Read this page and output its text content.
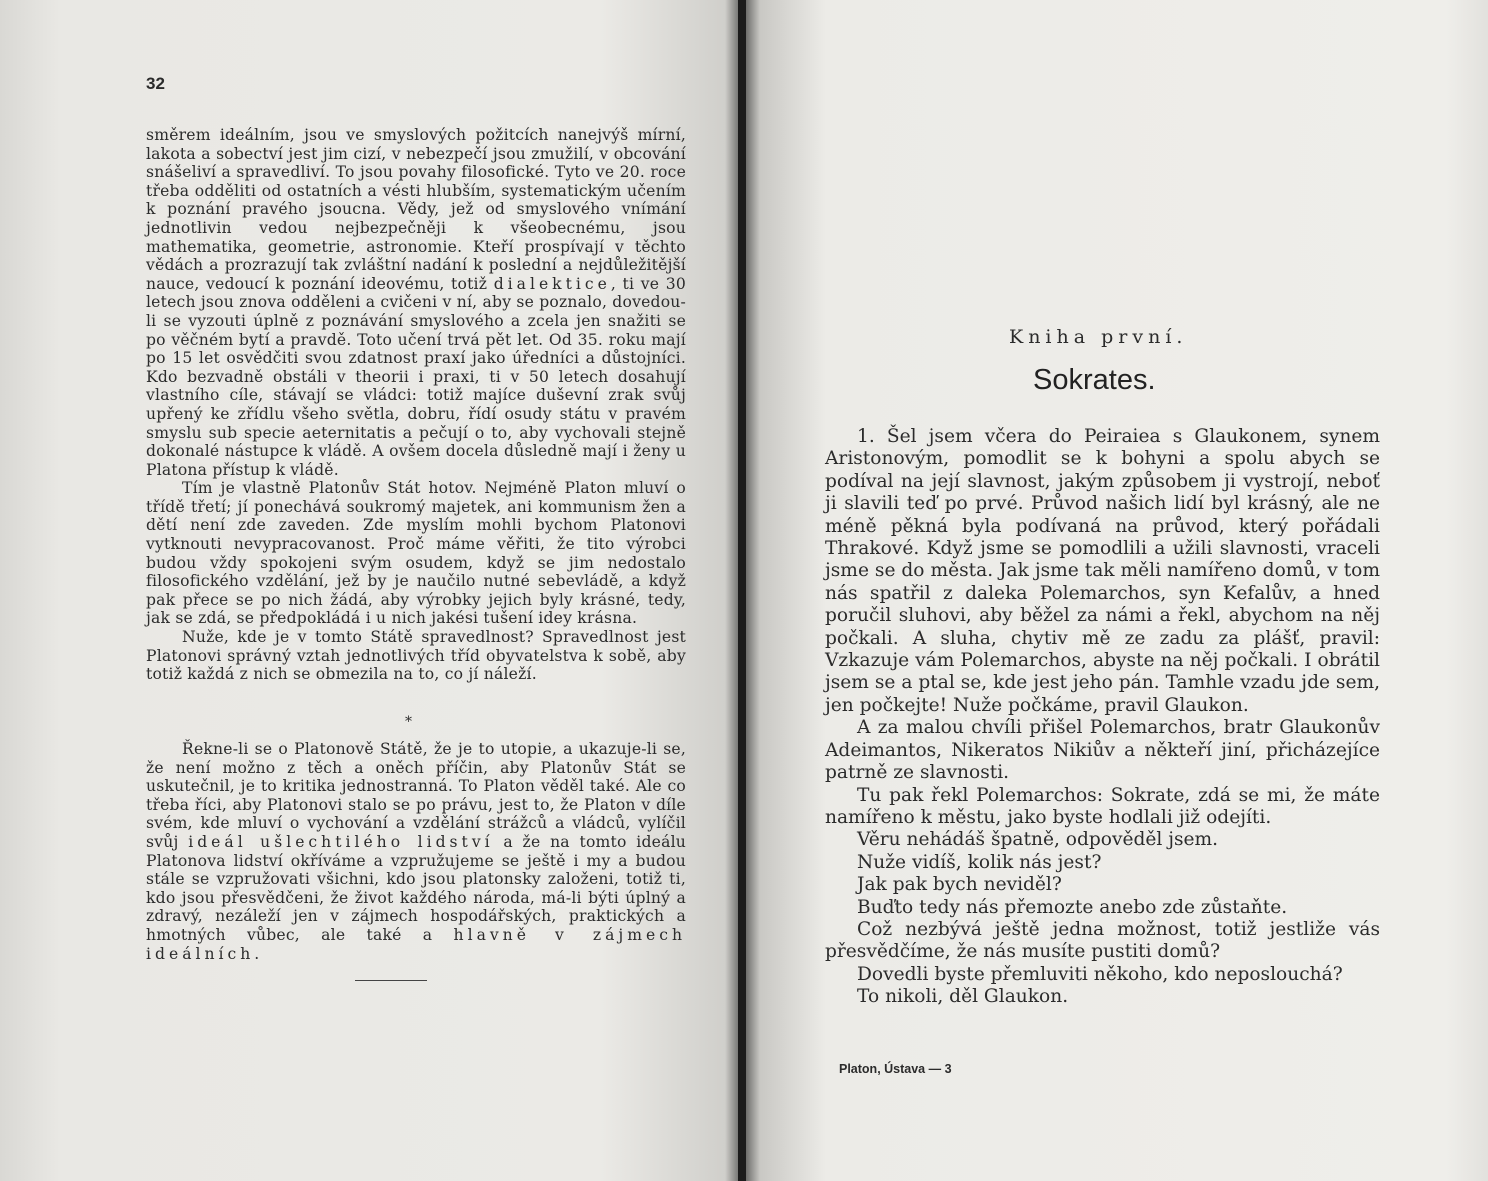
32

směrem ideálním, jsou ve smyslových požitcích nanejvýš mírní, lakota a sobectví jest jim cizí, v nebezpečí jsou zmužilí, v obcování snášeliví a spravedliví. To jsou povahy filosofické. Tyto ve 20. roce třeba odděliti od ostatních a vésti hlubším, systematickým učením k poznání pravého jsoucna. Vědy, jež od smyslového vnímání jednotlivin vedou nejbezpečněji k všeobecnému, jsou mathematika, geometrie, astronomie. Kteří prospívají v těchto vědách a prozrazují tak zvláštní nadání k poslední a nejdůležitější nauce, vedoucí k poznání ideovému, totiž dialektice, ti ve 30 letech jsou znova odděleni a cvičeni v ní, aby se poznalo, dovedou-li se vyzouti úplně z poznávání smyslového a zcela jen snažiti se po věčném bytí a pravdě. Toto učení trvá pět let. Od 35. roku mají po 15 let osvědčiti svou zdatnost praxí jako úředníci a důstojníci. Kdo bezvadně obstáli v theorii i praxi, ti v 50 letech dosahují vlastního cíle, stávají se vládci: totiž majíce duševní zrak svůj upřený ke zřídlu všeho světla, dobru, řídí osudy státu v pravém smyslu sub specie aeternitatis a pečují o to, aby vychovali stejně dokonalé nástupce k vládě. A ovšem docela důsledně mají i ženy u Platona přístup k vládě.

Tím je vlastně Platonův Stát hotov. Nejméně Platon mluví o třídě třetí; jí ponechává soukromý majetek, ani kommunism žen a dětí není zde zaveden. Zde myslím mohli bychom Platonovi vytknouti nevypracovanost. Proč máme věřiti, že tito výrobci budou vždy spokojeni svým osudem, když se jim nedostalo filosofického vzdělání, jež by je naučilo nutné sebevládě, a když pak přece se po nich žádá, aby výrobky jejich byly krásné, tedy, jak se zdá, se předpokládá i u nich jakési tušení idey krásna.

Nuže, kde je v tomto Státě spravedlnost? Spravedlnost jest Platonovi správný vztah jednotlivých tříd obyvatelstva k sobě, aby totiž každá z nich se obmezila na to, co jí náleží.

*

Řekne-li se o Platonově Státě, že je to utopie, a ukazuje-li se, že není možno z těch a oněch příčin, aby Platonův Stát se uskutečnil, je to kritika jednostranná. To Platon věděl také. Ale co třeba říci, aby Platonovi stalo se po právu, jest to, že Platon v díle svém, kde mluví o vychování a vzdělání strážců a vládců, vylíčil svůj ideál ušlechtilého lidství a že na tomto ideálu Platonova lidství okříváme a vzpružujeme se ještě i my a budou stále se vzpružovati všichni, kdo jsou platonsky založeni, totiž ti, kdo jsou přesvědčeni, že život každého národa, má-li býti úplný a zdravý, nezáleží jen v zájmech hospodářských, praktických a hmotných vůbec, ale také a hlavně v zájmech ideálních.

Kniha první.
Sokrates.

1. Šel jsem včera do Peiraiea s Glaukonem, synem Aristonovým, pomodlit se k bohyni a spolu abych se podíval na její slavnost, jakým způsobem ji vystrojí, neboť ji slavili teď po prvé. Průvod našich lidí byl krásný, ale ne méně pěkná byla podívaná na průvod, který pořádali Thrakové. Když jsme se pomodlili a užili slavnosti, vraceli jsme se do města. Jak jsme tak měli namířeno domů, v tom nás spatřil z daleka Polemarchos, syn Kefalův, a hned poručil sluhovi, aby běžel za námi a řekl, abychom na něj počkali. A sluha, chytiv mě ze zadu za plášť, pravil: Vzkazuje vám Polemarchos, abyste na něj počkali. I obrátil jsem se a ptal se, kde jest jeho pán. Tamhle vzadu jde sem, jen počkejte! Nuže počkáme, pravil Glaukon.

A za malou chvíli přišel Polemarchos, bratr Glaukonův Adeimantos, Nikeratos Nikiův a někteří jiní, přicházejíce patrně ze slavnosti.

Tu pak řekl Polemarchos: Sokrate, zdá se mi, že máte namířeno k městu, jako byste hodlali již odejíti.

Věru nehádáš špatně, odpověděl jsem.

Nuže vidíš, kolik nás jest?

Jak pak bych neviděl?

Buďto tedy nás přemozte anebo zde zůstaňte.

Což nezbývá ještě jedna možnost, totiž jestliže vás přesvědčíme, že nás musíte pustiti domů?

Dovedli byste přemluviti někoho, kdo neposlouchá?

To nikoli, děl Glaukon.

Platon, Ústava — 3
